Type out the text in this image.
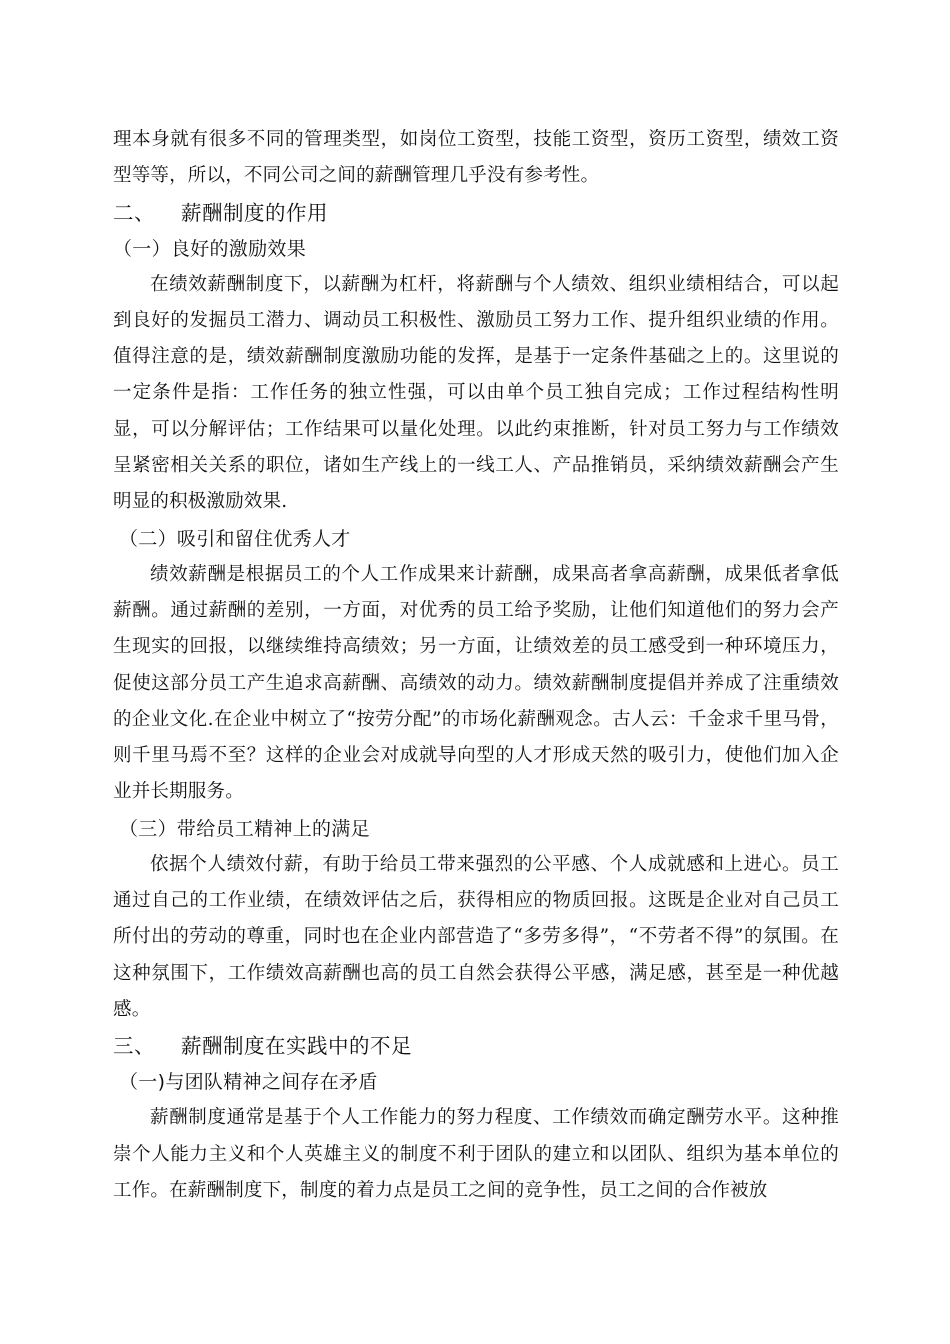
理本身就有很多不同的管理类型，如岗位工资型，技能工资型，资历工资型，绩效工资型等等，所以，不同公司之间的薪酬管理几乎没有参考性。

二、 薪酬制度的作用
（一）良好的激励效果

在绩效薪酬制度下，以薪酬为杠杆，将薪酬与个人绩效、组织业绩相结合，可以起到良好的发掘员工潜力、调动员工积极性、激励员工努力工作、提升组织业绩的作用。值得注意的是，绩效薪酬制度激励功能的发挥，是基于一定条件基础之上的。这里说的一定条件是指：工作任务的独立性强，可以由单个员工独自完成；工作过程结构性明显，可以分解评估；工作结果可以量化处理。以此约束推断，针对员工努力与工作绩效呈紧密相关关系的职位，诸如生产线上的一线工人、产品推销员，采纳绩效薪酬会产生明显的积极激励效果.

（二）吸引和留住优秀人才

绩效薪酬是根据员工的个人工作成果来计薪酬，成果高者拿高薪酬，成果低者拿低薪酬。通过薪酬的差别，一方面，对优秀的员工给予奖励，让他们知道他们的努力会产生现实的回报，以继续维持高绩效；另一方面，让绩效差的员工感受到一种环境压力，促使这部分员工产生追求高薪酬、高绩效的动力。绩效薪酬制度提倡并养成了注重绩效的企业文化.在企业中树立了“按劳分配”的市场化薪酬观念。古人云：千金求千里马骨，则千里马焉不至？这样的企业会对成就导向型的人才形成天然的吸引力，使他们加入企业并长期服务。

（三）带给员工精神上的满足

依据个人绩效付薪，有助于给员工带来强烈的公平感、个人成就感和上进心。员工通过自己的工作业绩，在绩效评估之后，获得相应的物质回报。这既是企业对自己员工所付出的劳动的尊重，同时也在企业内部营造了“多劳多得”，“不劳者不得”的氛围。在这种氛围下，工作绩效高薪酬也高的员工自然会获得公平感，满足感，甚至是一种优越感。

三、 薪酬制度在实践中的不足
（一)与团队精神之间存在矛盾

薪酬制度通常是基于个人工作能力的努力程度、工作绩效而确定酬劳水平。这种推崇个人能力主义和个人英雄主义的制度不利于团队的建立和以团队、组织为基本单位的工作。在薪酬制度下，制度的着力点是员工之间的竞争性，员工之间的合作被放
